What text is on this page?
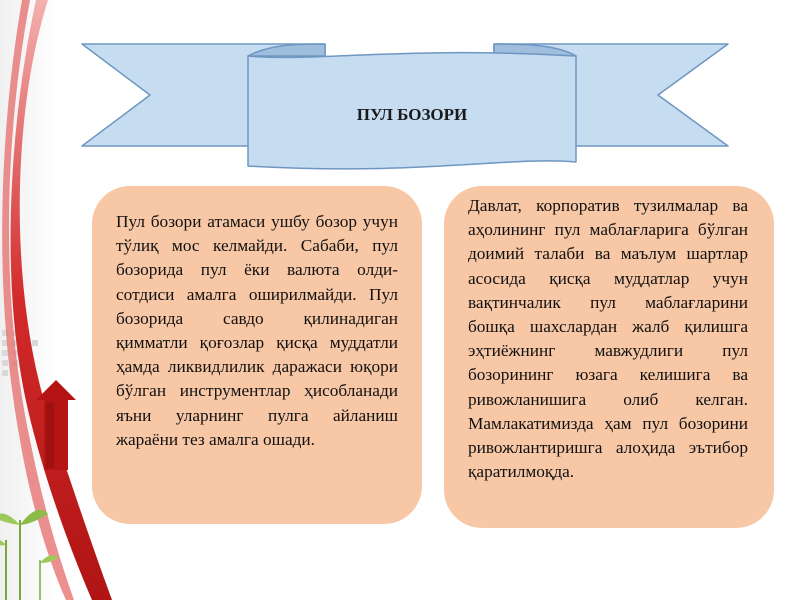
ПУЛ БОЗОРИ

Пул бозори атамаси ушбу бозор учун тўлиқ мос келмайди. Сабаби, пул бозорида пул ёки валюта олди-сотдиси амалга оширилмайди. Пул бозорида савдо қилинадиган қимматли қоғозлар қисқа муддатли ҳамда ликвидлилик даражаси юқори бўлган инструментлар ҳисобланади яъни уларнинг пулга айланиш жараёни тез амалга ошади.

Давлат, корпоратив тузилмалар ва аҳолининг пул маблағларига бўлган доимий талаби ва маълум шартлар асосида қисқа муддатлар учун вақтинчалик пул маблағларини бошқа шахслардан жалб қилишга эҳтиёжнинг мавжудлиги пул бозорининг юзага келишига ва ривожланишига олиб келган. Мамлакатимизда ҳам пул бозорини ривожлантиришга алоҳида эътибор қаратилмоқда.
